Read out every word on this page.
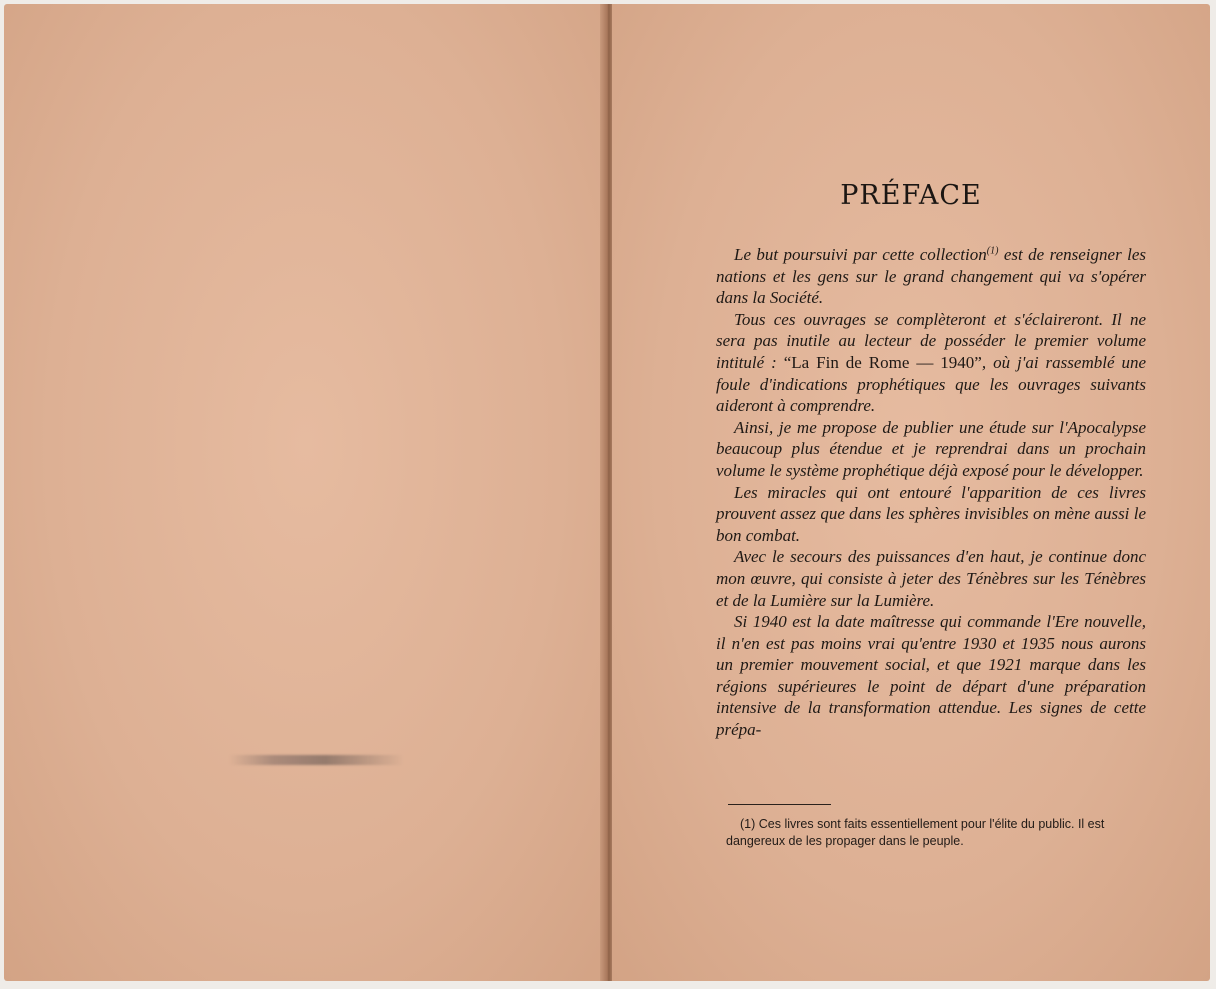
PRÉFACE

Le but poursuivi par cette collection$^{(1)}$ est de renseigner les nations et les gens sur le grand changement qui va s'opérer dans la Société.

Tous ces ouvrages se complèteront et s'éclaireront. Il ne sera pas inutile au lecteur de posséder le premier volume intitulé : “La Fin de Rome — 1940”, où j'ai rassemblé une foule d'indications prophétiques que les ouvrages suivants aideront à comprendre.

Ainsi, je me propose de publier une étude sur l'Apocalypse beaucoup plus étendue et je reprendrai dans un prochain volume le système prophétique déjà exposé pour le développer.

Les miracles qui ont entouré l'apparition de ces livres prouvent assez que dans les sphères invisibles on mène aussi le bon combat.

Avec le secours des puissances d'en haut, je continue donc mon œuvre, qui consiste à jeter des Ténèbres sur les Ténèbres et de la Lumière sur la Lumière.

Si 1940 est la date maîtresse qui commande l'Ere nouvelle, il n'en est pas moins vrai qu'entre 1930 et 1935 nous aurons un premier mouvement social, et que 1921 marque dans les régions supérieures le point de départ d'une préparation intensive de la transformation attendue. Les signes de cette prépa-

(1) Ces livres sont faits essentiellement pour l'élite du public. Il est dangereux de les propager dans le peuple.
